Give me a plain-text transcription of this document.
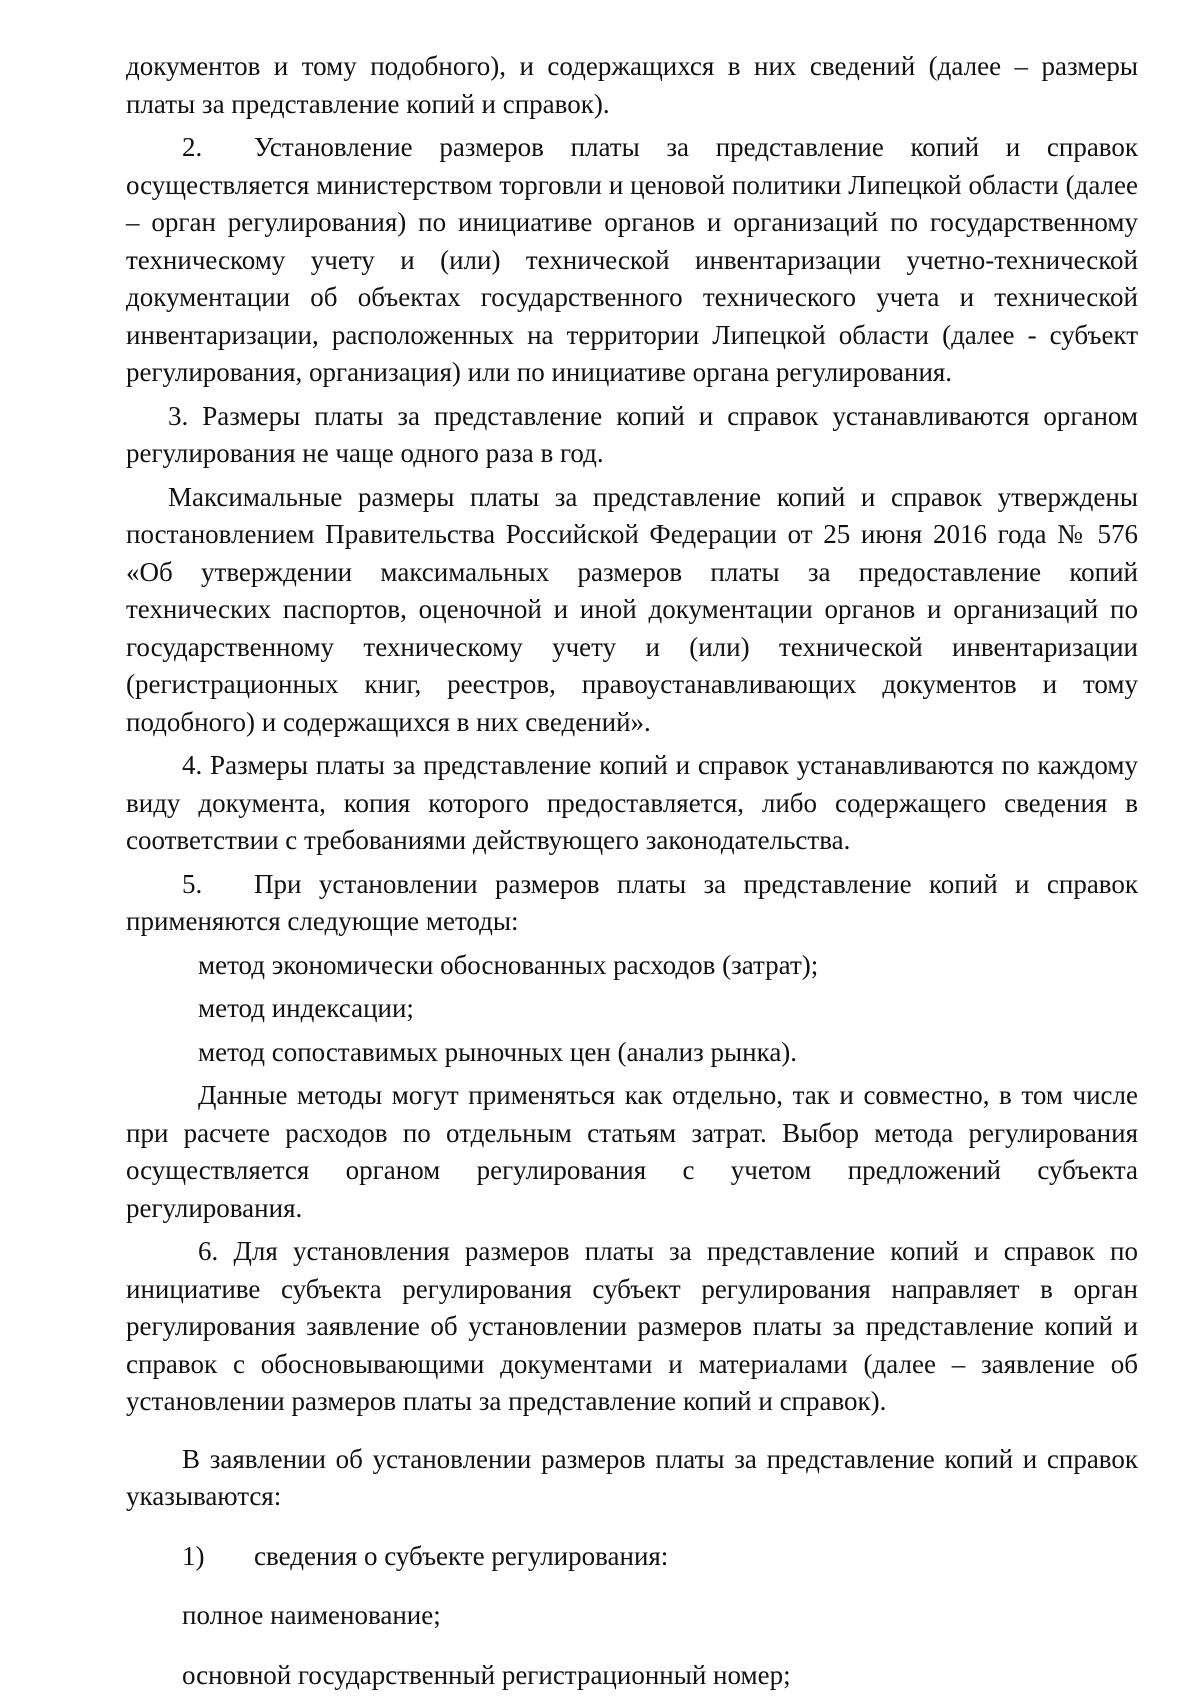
документов и тому подобного), и содержащихся в них сведений (далее – размеры платы за представление копий и справок).

2. Установление размеров платы за представление копий и справок осуществляется министерством торговли и ценовой политики Липецкой области (далее – орган регулирования) по инициативе органов и организаций по государственному техническому учету и (или) технической инвентаризации учетно-технической документации об объектах государственного технического учета и технической инвентаризации, расположенных на территории Липецкой области (далее - субъект регулирования, организация) или по инициативе органа регулирования.

3. Размеры платы за представление копий и справок устанавливаются органом регулирования не чаще одного раза в год.

Максимальные размеры платы за представление копий и справок утверждены постановлением Правительства Российской Федерации от 25 июня 2016 года № 576 «Об утверждении максимальных размеров платы за предоставление копий технических паспортов, оценочной и иной документации органов и организаций по государственному техническому учету и (или) технической инвентаризации (регистрационных книг, реестров, правоустанавливающих документов и тому подобного) и содержащихся в них сведений».

4. Размеры платы за представление копий и справок устанавливаются по каждому виду документа, копия которого предоставляется, либо содержащего сведения в соответствии с требованиями действующего законодательства.

5. При установлении размеров платы за представление копий и справок применяются следующие методы:

метод экономически обоснованных расходов (затрат);

метод индексации;

метод сопоставимых рыночных цен (анализ рынка).

Данные методы могут применяться как отдельно, так и совместно, в том числе при расчете расходов по отдельным статьям затрат. Выбор метода регулирования осуществляется органом регулирования с учетом предложений субъекта регулирования.

6. Для установления размеров платы за представление копий и справок по инициативе субъекта регулирования субъект регулирования направляет в орган регулирования заявление об установлении размеров платы за представление копий и справок с обосновывающими документами и материалами (далее – заявление об установлении размеров платы за представление копий и справок).

В заявлении об установлении размеров платы за представление копий и справок указываются:

1) сведения о субъекте регулирования:

полное наименование;

основной государственный регистрационный номер;
